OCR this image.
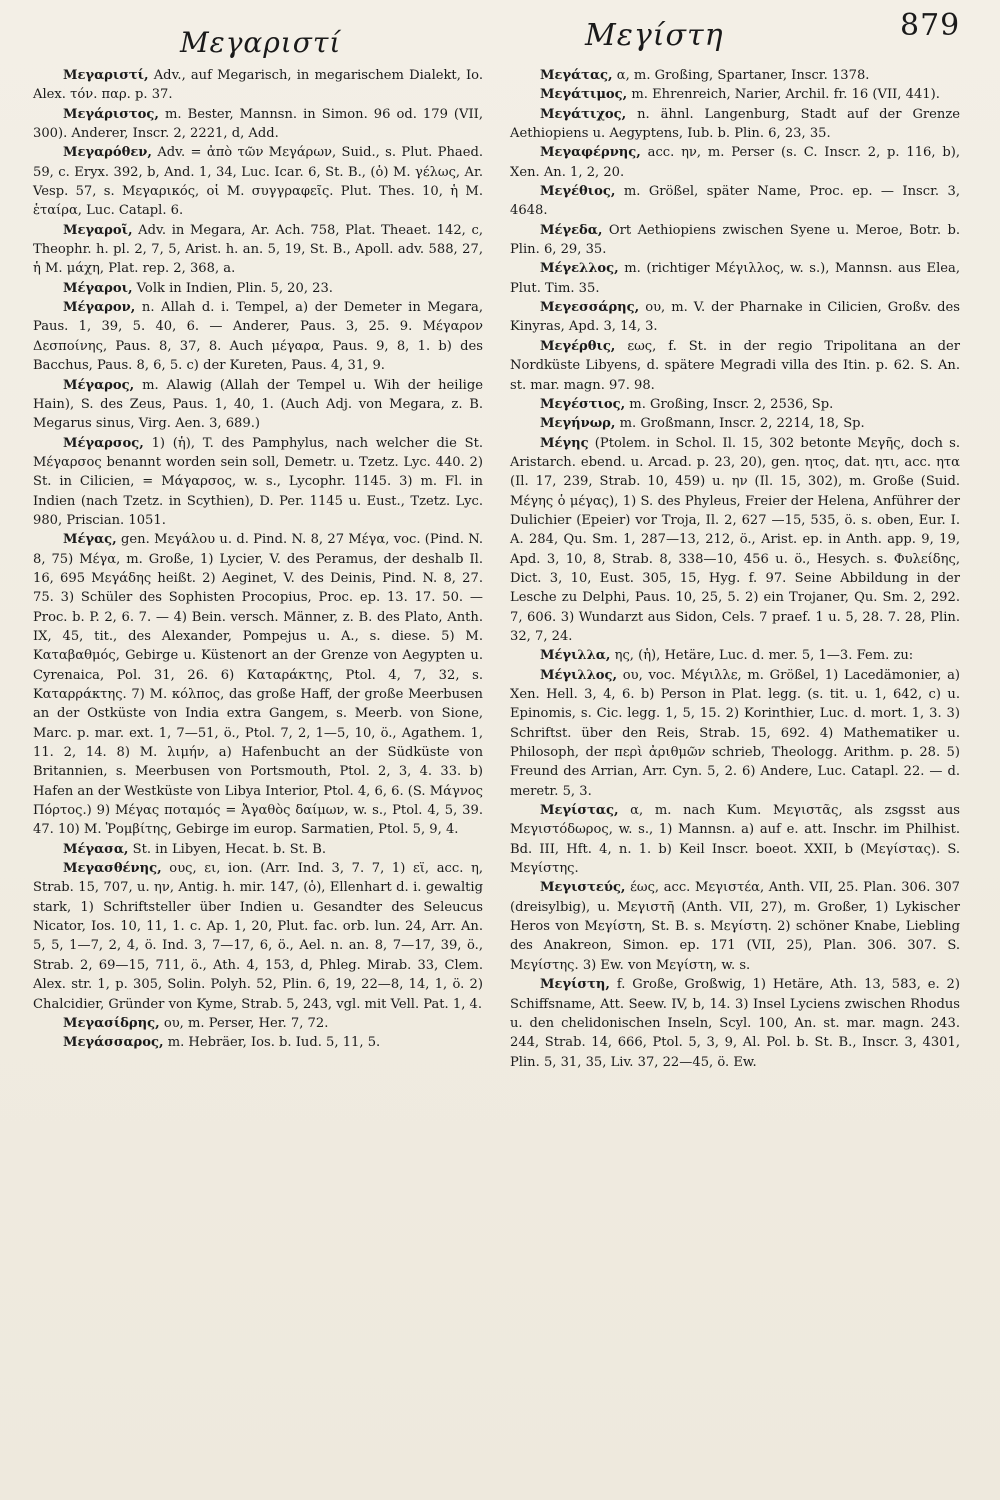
Μεγαριστί	Μεγίστη	879

Μεγαριστί, Adv., auf Megarisch, in megarischem Dialekt, Io. Alex. τόν. παρ. p. 37.

Μεγάριστος, m. Bester, Mannsn. in Simon. 96 od. 179 (VII, 300). Anderer, Inscr. 2, 2221, d, Add.

Μεγαρόθεν, Adv. = ἀπὸ τῶν Μεγάρων, Suid., s. Plut. Phaed. 59, c. Eryx. 392, b, And. 1, 34, Luc. Icar. 6, St. B., (ὁ) M. γέλως, Ar. Vesp. 57, s. Μεγαρικός, οἱ M. συγγραφεῖς. Plut. Thes. 10, ἡ M. ἑταίρα, Luc. Catapl. 6.

Μεγαροῖ, Adv. in Megara, Ar. Ach. 758, Plat. Theaet. 142, c, Theophr. h. pl. 2, 7, 5, Arist. h. an. 5, 19, St. B., Apoll. adv. 588, 27, ἡ M. μάχη, Plat. rep. 2, 368, a.

Μέγαροι, Volk in Indien, Plin. 5, 20, 23.

Μέγαρον, n. Allah d. i. Tempel, a) der Demeter in Megara, Paus. 1, 39, 5. 40, 6. — Anderer, Paus. 3, 25. 9. Μέγαρον Δεσποίνης, Paus. 8, 37, 8. Auch μέγαρα, Paus. 9, 8, 1. b) des Bacchus, Paus. 8, 6, 5. c) der Kureten, Paus. 4, 31, 9.

Μέγαρος, m. Alawig (Allah der Tempel u. Wih der heilige Hain), S. des Zeus, Paus. 1, 40, 1. (Auch Adj. von Megara, z. B. Megarus sinus, Virg. Aen. 3, 689.)

Μέγαρσος, 1) (ἡ), T. des Pamphylus, nach welcher die St. Μέγαρσος benannt worden sein soll, Demetr. u. Tzetz. Lyc. 440. 2) St. in Cilicien, = Μάγαρσος, w. s., Lycophr. 1145. 3) m. Fl. in Indien (nach Tzetz. in Scythien), D. Per. 1145 u. Eust., Tzetz. Lyc. 980, Priscian. 1051.

Μέγας, gen. Μεγάλου u. d. Pind. N. 8, 27 Μέγα, voc. (Pind. N. 8, 75) Μέγα, m. Große, 1) Lycier, V. des Peramus, der deshalb Il. 16, 695 Μεγάδης heißt. 2) Aeginet, V. des Deinis, Pind. N. 8, 27. 75. 3) Schüler des Sophisten Procopius, Proc. ep. 13. 17. 50. — Proc. b. P. 2, 6. 7. — 4) Bein. versch. Männer, z. B. des Plato, Anth. IX, 45, tit., des Alexander, Pompejus u. A., s. diese. 5) M. Καταβαθμός, Gebirge u. Küstenort an der Grenze von Aegypten u. Cyrenaica, Pol. 31, 26. 6) Καταράκτης, Ptol. 4, 7, 32, s. Καταρράκτης. 7) M. κόλπος, das große Haff, der große Meerbusen an der Ostküste von India extra Gangem, s. Meerb. von Sione, Marc. p. mar. ext. 1, 7—51, ö., Ptol. 7, 2, 1—5, 10, ö., Agathem. 1, 11. 2, 14. 8) M. λιμήν, a) Hafenbucht an der Südküste von Britannien, s. Meerbusen von Portsmouth, Ptol. 2, 3, 4. 33. b) Hafen an der Westküste von Libya Interior, Ptol. 4, 6, 6. (S. Μάγνος Πόρτος.) 9) Μέγας ποταμός = Ἀγαθὸς δαίμων, w. s., Ptol. 4, 5, 39. 47. 10) M. Ῥομβίτης, Gebirge im europ. Sarmatien, Ptol. 5, 9, 4.

Μέγασα, St. in Libyen, Hecat. b. St. B.

Μεγασθένης, ους, ει, ion. (Arr. Ind. 3, 7. 7, 1) εϊ, acc. η, Strab. 15, 707, u. ην, Antig. h. mir. 147, (ὁ), Ellenhart d. i. gewaltig stark, 1) Schriftsteller über Indien u. Gesandter des Seleucus Nicator, Ios. 10, 11, 1. c. Ap. 1, 20, Plut. fac. orb. lun. 24, Arr. An. 5, 5, 1—7, 2, 4, ö. Ind. 3, 7—17, 6, ö., Ael. n. an. 8, 7—17, 39, ö., Strab. 2, 69—15, 711, ö., Ath. 4, 153, d, Phleg. Mirab. 33, Clem. Alex. str. 1, p. 305, Solin. Polyh. 52, Plin. 6, 19, 22—8, 14, 1, ö. 2) Chalcidier, Gründer von Kyme, Strab. 5, 243, vgl. mit Vell. Pat. 1, 4.

Μεγασίδρης, ου, m. Perser, Her. 7, 72.

Μεγάσσαρος, m. Hebräer, Ios. b. Iud. 5, 11, 5.

Μεγάτας, α, m. Großing, Spartaner, Inscr. 1378.

Μεγάτιμος, m. Ehrenreich, Narier, Archil. fr. 16 (VII, 441).

Μεγάτιχος, n. ähnl. Langenburg, Stadt auf der Grenze Aethiopiens u. Aegyptens, Iub. b. Plin. 6, 23, 35.

Μεγαφέρνης, acc. ην, m. Perser (s. C. Inscr. 2, p. 116, b), Xen. An. 1, 2, 20.

Μεγέθιος, m. Größel, später Name, Proc. ep. — Inscr. 3, 4648.

Μέγεδα, Ort Aethiopiens zwischen Syene u. Meroe, Botr. b. Plin. 6, 29, 35.

Μέγελλος, m. (richtiger Μέγιλλος, w. s.), Mannsn. aus Elea, Plut. Tim. 35.

Μεγεσσάρης, ου, m. V. der Pharnake in Cilicien, Großv. des Kinyras, Apd. 3, 14, 3.

Μεγέρθις, εως, f. St. in der regio Tripolitana an der Nordküste Libyens, d. spätere Megradi villa des Itin. p. 62. S. An. st. mar. magn. 97. 98.

Μεγέστιος, m. Großing, Inscr. 2, 2536, Sp.

Μεγήνωρ, m. Großmann, Inscr. 2, 2214, 18, Sp.

Μέγης (Ptolem. in Schol. Il. 15, 302 betonte Μεγῆς, doch s. Aristarch. ebend. u. Arcad. p. 23, 20), gen. ητος, dat. ητι, acc. ητα (Il. 17, 239, Strab. 10, 459) u. ην (Il. 15, 302), m. Große (Suid. Μέγης ὁ μέγας), 1) S. des Phyleus, Freier der Helena, Anführer der Dulichier (Epeier) vor Troja, Il. 2, 627 —15, 535, ö. s. oben, Eur. I. A. 284, Qu. Sm. 1, 287—13, 212, ö., Arist. ep. in Anth. app. 9, 19, Apd. 3, 10, 8, Strab. 8, 338—10, 456 u. ö., Hesych. s. Φυλείδης, Dict. 3, 10, Eust. 305, 15, Hyg. f. 97. Seine Abbildung in der Lesche zu Delphi, Paus. 10, 25, 5. 2) ein Trojaner, Qu. Sm. 2, 292. 7, 606. 3) Wundarzt aus Sidon, Cels. 7 praef. 1 u. 5, 28. 7. 28, Plin. 32, 7, 24.

Μέγιλλα, ης, (ἡ), Hetäre, Luc. d. mer. 5, 1—3. Fem. zu:

Μέγιλλος, ου, voc. Μέγιλλε, m. Größel, 1) Lacedämonier, a) Xen. Hell. 3, 4, 6. b) Person in Plat. legg. (s. tit. u. 1, 642, c) u. Epinomis, s. Cic. legg. 1, 5, 15. 2) Korinthier, Luc. d. mort. 1, 3. 3) Schriftst. über den Reis, Strab. 15, 692. 4) Mathematiker u. Philosoph, der περὶ ἀριθμῶν schrieb, Theologg. Arithm. p. 28. 5) Freund des Arrian, Arr. Cyn. 5, 2. 6) Andere, Luc. Catapl. 22. — d. meretr. 5, 3.

Μεγίστας, α, m. nach Kum. Μεγιστᾶς, als zsgsst aus Μεγιστόδωρος, w. s., 1) Mannsn. a) auf e. att. Inschr. im Philhist. Bd. III, Hft. 4, n. 1. b) Keil Inscr. boeot. XXII, b (Μεγίστας). S. Μεγίστης.

Μεγιστεύς, έως, acc. Μεγιστέα, Anth. VII, 25. Plan. 306. 307 (dreisylbig), u. Μεγιστῆ (Anth. VII, 27), m. Großer, 1) Lykischer Heros von Μεγίστη, St. B. s. Μεγίστη. 2) schöner Knabe, Liebling des Anakreon, Simon. ep. 171 (VII, 25), Plan. 306. 307. S. Μεγίστης. 3) Ew. von Μεγίστη, w. s.

Μεγίστη, f. Große, Großwig, 1) Hetäre, Ath. 13, 583, e. 2) Schiffsname, Att. Seew. IV, b, 14. 3) Insel Lyciens zwischen Rhodus u. den chelidonischen Inseln, Scyl. 100, An. st. mar. magn. 243. 244, Strab. 14, 666, Ptol. 5, 3, 9, Al. Pol. b. St. B., Inscr. 3, 4301, Plin. 5, 31, 35, Liv. 37, 22—45, ö. Ew.
